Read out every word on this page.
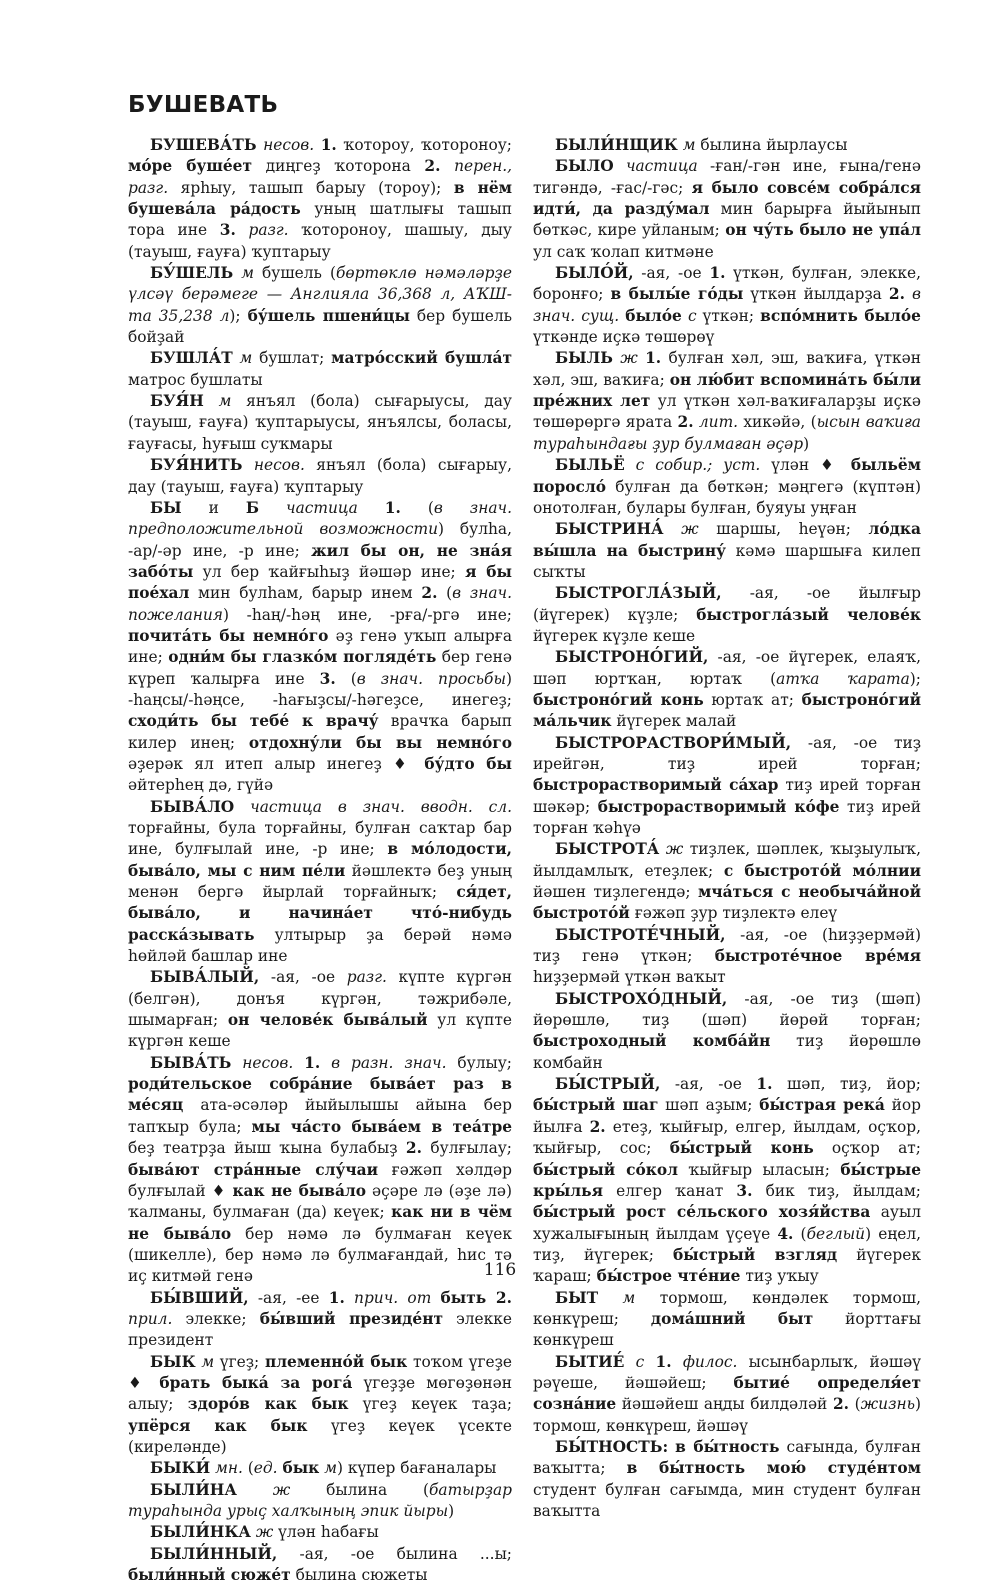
БУШЕВАТЬ

БУШЕВА́ТЬ несов. 1. ҡотороу, ҡотороноу; мо́ре буше́ет диңгеҙ ҡоторона 2. перен., разг. ярһыу, ташып барыу (тороу); в нём бушева́ла ра́дость уның шатлығы ташып тора ине 3. разг. ҡотороноу, шашыу, дыу (тауыш, ғауға) ҡуптарыу

БУ́ШЕЛЬ м бушель (бөртөклө нәмәләрҙе үлсәү берәмеге — Англияла 36,368 л, АҠШ-та 35,238 л); бу́шель пшени́цы бер бушель бойҙай

БУШЛА́Т м бушлат; матро́сский бушла́т матрос бушлаты

БУЯ́Н м янъял (бола) сығарыусы, дау (тауыш, ғауға) ҡуптарыусы, янъялсы, боласы, ғауғасы, һуғыш суҡмары

БУЯ́НИТЬ несов. янъял (бола) сығарыу, дау (тауыш, ғауға) ҡуптарыу

БЫ и Б частица 1. (в знач. предположительной возможности) булһа, -ар/-әр ине, -р ине; жил бы он, не зна́я забо́ты ул бер ҡайғыһыҙ йәшәр ине; я бы пое́хал мин булһам, барыр инем 2. (в знач. пожелания) -һаң/-һәң ине, -рға/-ргә ине; почита́ть бы немно́го әҙ генә уҡып алырға ине; одни́м бы глазко́м погляде́ть бер генә күреп ҡалырға ине 3. (в знач. просьбы) -һаңсы/-һәңсе, -һағыҙсы/-һәгеҙсе, инегеҙ; сходи́ть бы тебе́ к врачу́ врачҡа барып килер инең; отдохну́ли бы вы немно́го әҙерәк ял итеп алыр инегеҙ ♦ бу́дто бы әйтерһең дә, гүйә

БЫВА́ЛО частица в знач. вводн. сл. торғайны, була торғайны, булған саҡтар бар ине, булғылай ине, -р ине; в мо́лодости, быва́ло, мы с ним пе́ли йәшлектә беҙ уның менән бергә йырлай торғайныҡ; ся́дет, быва́ло, и начина́ет что́-нибудь расска́зывать ултырыр ҙа берәй нәмә һөйләй башлар ине

БЫВА́ЛЫЙ, -ая, -ое разг. күпте күргән (белгән), донъя күргән, тәжрибәле, шымарған; он челове́к быва́лый ул күпте күргән кеше

БЫВА́ТЬ несов. 1. в разн. знач. булыу; роди́тельское собра́ние быва́ет раз в ме́сяц ата-әсәләр йыйылышы айына бер тапҡыр була; мы ча́сто быва́ем в теа́тре беҙ театрҙа йыш ҡына булабыҙ 2. булғылау; быва́ют стра́нные слу́чаи ғәжәп хәлдәр булғылай ♦ как не быва́ло әҫәре лә (әҙе лә) ҡалманы, булмаған (да) кеүек; как ни в чём не быва́ло бер нәмә лә булмаған кеүек (шикелле), бер нәмә лә булмағандай, һис тә иҫ китмәй генә

БЫ́ВШИЙ, -ая, -ее 1. прич. от быть 2. прил. элекке; бы́вший президе́нт элекке президент

БЫК м үгеҙ; племенно́й бык тоҡом үгеҙе ♦ брать быка́ за рога́ үгеҙҙе мөгөҙөнән алыу; здоро́в как бык үгеҙ кеүек таҙа; упёрся как бык үгеҙ кеүек үсекте (киреләнде)

БЫКИ́ мн. (ед. бык м) күпер бағаналары

БЫЛИ́НА ж былина (батырҙар тураһында урыҫ халҡының эпик йыры)

БЫЛИ́НКА ж үлән һабағы

БЫЛИ́ННЫЙ, -ая, -ое былина ...ы; были́нный сюже́т былина сюжеты

БЫЛИ́НЩИК м былина йырлаусы

БЫЛО частица -ған/-гән ине, ғына/генә тигәндә, -ғас/-гәс; я было совсе́м собра́лся идти́, да разду́мал мин барырға йыйынып бөткәс, кире уйланым; он чу́ть было не упа́л ул саҡ ҡолап китмәне

БЫЛО́Й, -ая, -ое 1. үткән, булған, элекке, боронғо; в былы́е го́ды үткән йылдарҙа 2. в знач. сущ. было́е с үткән; вспо́мнить было́е үткәнде иҫкә төшөрөү

БЫЛЬ ж 1. булған хәл, эш, ваҡиға, үткән хәл, эш, ваҡиға; он лю́бит вспомина́ть бы́ли пре́жних лет ул үткән хәл-ваҡиғаларҙы иҫкә төшөрөргә ярата 2. лит. хикәйә, (ысын ваҡиға тураһындағы ҙур булмаған әҫәр)

БЫЛЬЁ с собир.; уст. үлән ♦ быльём поросло́ булған да бөткән; мәңгегә (күптән) онотолған, булары булған, буяуы уңған

БЫСТРИНА́ ж шаршы, һеүән; ло́дка вы́шла на быстрину́ кәмә шаршыға килеп сыҡты

БЫСТРОГЛА́ЗЫЙ, -ая, -ое йылғыр (йүгерек) күҙле; быстрогла́зый челове́к йүгерек күҙле кеше

БЫСТРОНО́ГИЙ, -ая, -ое йүгерек, елаяҡ, шәп юртҡан, юртаҡ (атҡа ҡарата); быстроно́гий конь юртаҡ ат; быстроно́гий ма́льчик йүгерек малай

БЫСТРОРАСТВОРИ́МЫЙ, -ая, -ое тиҙ ирейгән, тиҙ ирей торған; быстрорастворимый са́хар тиҙ ирей торған шәкәр; быстрорастворимый ко́фе тиҙ ирей торған ҡәһүә

БЫСТРОТА́ ж тиҙлек, шәплек, ҡыҙыулыҡ, йылдамлыҡ, етеҙлек; с быстрото́й мо́лнии йәшен тиҙлегендә; мча́ться с необыча́йной быстрото́й ғәжәп ҙур тиҙлектә елеү

БЫСТРОТЕ́ЧНЫЙ, -ая, -ое (һиҙҙермәй) тиҙ генә үткән; быстроте́чное вре́мя һиҙҙермәй үткән ваҡыт

БЫСТРОХО́ДНЫЙ, -ая, -ое тиҙ (шәп) йөрөшлө, тиҙ (шәп) йөрөй торған; быстроходный комба́йн тиҙ йөрөшлө комбайн

БЫ́СТРЫЙ, -ая, -ое 1. шәп, тиҙ, йор; бы́стрый шаг шәп аҙым; бы́страя река́ йор йылға 2. етеҙ, ҡыйғыр, елгер, йылдам, оҫҡор, ҡыйғыр, сос; бы́стрый конь оҫҡор ат; бы́стрый со́кол ҡыйғыр ыласын; бы́стрые кры́лья елгер ҡанат 3. бик тиҙ, йылдам; бы́стрый рост се́льского хозя́йства ауыл хужалығының йылдам үҫеүе 4. (беглый) еңел, тиҙ, йүгерек; бы́стрый взгляд йүгерек ҡараш; бы́строе чте́ние тиҙ уҡыу

БЫТ м тормош, көндәлек тормош, көнкүреш; дома́шний быт йорттағы көнкүреш

БЫТИЕ́ с 1. филос. ысынбарлыҡ, йәшәү рәүеше, йәшәйеш; бытие́ определя́ет созна́ние йәшәйеш аңды билдәләй 2. (жизнь) тормош, көнкүреш, йәшәү

БЫ́ТНОСТЬ: в бы́тность сағында, булған ваҡытта; в бы́тность мою́ студе́нтом студент булған сағымда, мин студент булған ваҡытта

116
